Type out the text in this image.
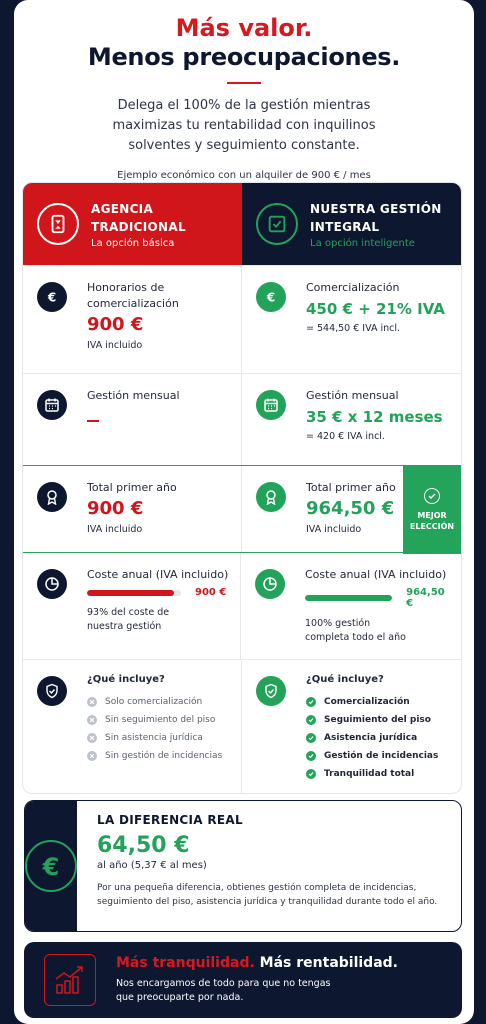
Más valor.
Menos preocupaciones.
Delega el 100% de la gestión mientras maximizas tu rentabilidad con inquilinos solventes y seguimiento constante.
Ejemplo económico con un alquiler de 900 € / mes
AGENCIA TRADICIONAL
La opción básica
NUESTRA GESTIÓN INTEGRAL
La opción inteligente
€
Honorarios de comercialización
900 €
IVA incluido
€
Comercialización
450 € + 21% IVA
= 544,50 € IVA incl.
Gestión mensual	Gestión mensual
35 € x 12 meses
= 420 € IVA incl.
Total primer año
900 €
IVA incluido
Total primer año
964,50 €
IVA incluido
MEJOR ELECCIÓN
Coste anual (IVA incluido)
900 €
93% del coste de nuestra gestión
Coste anual (IVA incluido)
964,50 €
100% gestión completa todo el año
¿Qué incluye?
Solo comercialización
Sin seguimiento del piso
Sin asistencia jurídica
Sin gestión de incidencias
¿Qué incluye?
Comercialización
Seguimiento del piso
Asistencia jurídica
Gestión de incidencias
Tranquilidad total
€
LA DIFERENCIA REAL
64,50 €
al año (5,37 € al mes)
Por una pequeña diferencia, obtienes gestión completa de incidencias, seguimiento del piso, asistencia jurídica y tranquilidad durante todo el año.
Más tranquilidad. Más rentabilidad.
Nos encargamos de todo para que no tengas que preocuparte por nada.
